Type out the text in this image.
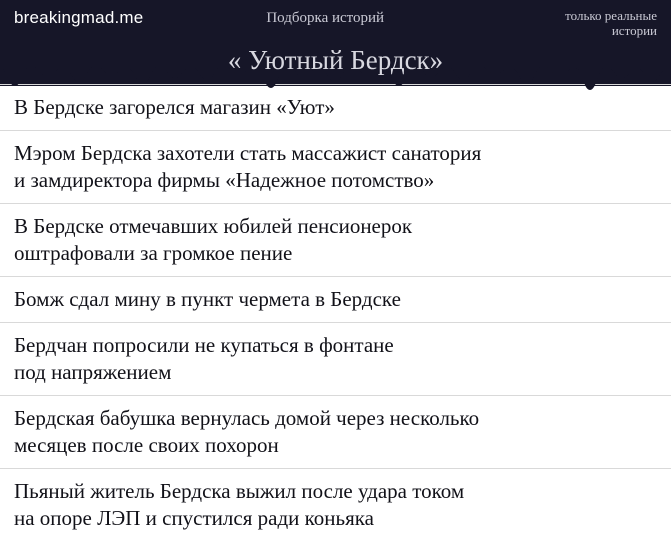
breakingmad.me	Подборка историй	только реальные
истории
« Уютный Бердск»
В Бердске загорелся магазин «Уют»
Мэром Бердска захотели стать массажист санатория
и замдиректора фирмы «Надежное потомство»
В Бердске отмечавших юбилей пенсионерок
оштрафовали за громкое пение
Бомж сдал мину в пункт чермета в Бердске
Бердчан попросили не купаться в фонтане
под напряжением
Бердская бабушка вернулась домой через несколько
месяцев после своих похорон
Пьяный житель Бердска выжил после удара током
на опоре ЛЭП и спустился ради коньяка
